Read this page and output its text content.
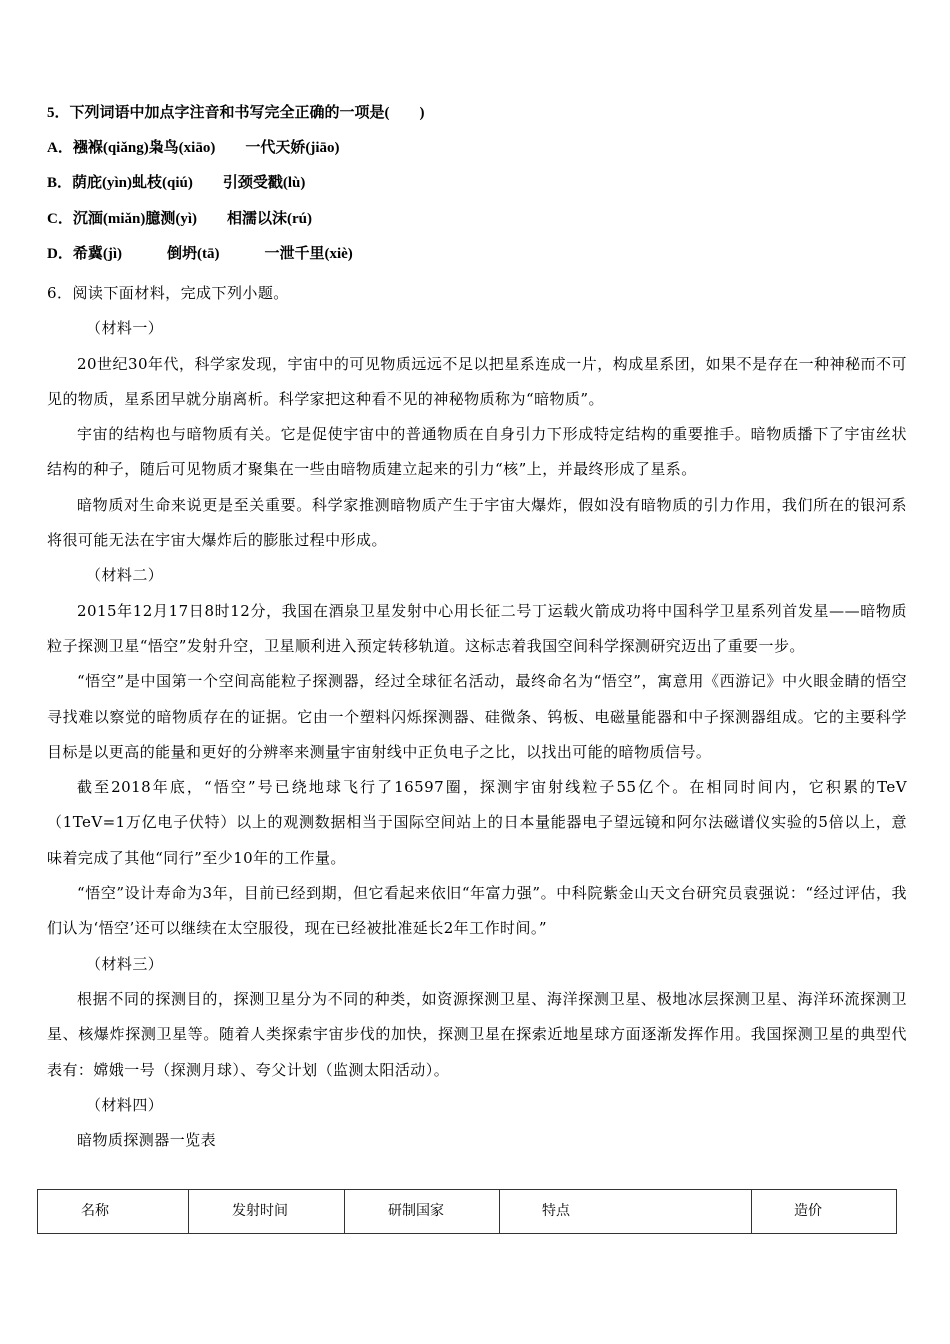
5．下列词语中加点字注音和书写完全正确的一项是(　　)
A．襁褓(qiǎng)枭鸟(xiāo)　　一代天娇(jiāo)
B．荫庇(yìn)虬枝(qiú)　　引颈受戳(lù)
C．沉湎(miǎn)臆测(yì)　　相濡以沫(rú)
D．希冀(jì)　　　倒坍(tā)　　　一泄千里(xiè)

6．阅读下面材料，完成下列小题。

（材料一）

20世纪30年代，科学家发现，宇宙中的可见物质远远不足以把星系连成一片，构成星系团，如果不是存在一种神秘而不可见的物质，星系团早就分崩离析。科学家把这种看不见的神秘物质称为“暗物质”。

宇宙的结构也与暗物质有关。它是促使宇宙中的普通物质在自身引力下形成特定结构的重要推手。暗物质播下了宇宙丝状结构的种子，随后可见物质才聚集在一些由暗物质建立起来的引力“核”上，并最终形成了星系。

暗物质对生命来说更是至关重要。科学家推测暗物质产生于宇宙大爆炸，假如没有暗物质的引力作用，我们所在的银河系将很可能无法在宇宙大爆炸后的膨胀过程中形成。

（材料二）

2015年12月17日8时12分，我国在酒泉卫星发射中心用长征二号丁运载火箭成功将中国科学卫星系列首发星——暗物质粒子探测卫星“悟空”发射升空，卫星顺利进入预定转移轨道。这标志着我国空间科学探测研究迈出了重要一步。

“悟空”是中国第一个空间高能粒子探测器，经过全球征名活动，最终命名为“悟空”，寓意用《西游记》中火眼金睛的悟空寻找难以察觉的暗物质存在的证据。它由一个塑料闪烁探测器、硅微条、钨板、电磁量能器和中子探测器组成。它的主要科学目标是以更高的能量和更好的分辨率来测量宇宙射线中正负电子之比，以找出可能的暗物质信号。

截至2018年底，“悟空”号已绕地球飞行了16597圈，探测宇宙射线粒子55亿个。在相同时间内，它积累的TeV（1TeV=1万亿电子伏特）以上的观测数据相当于国际空间站上的日本量能器电子望远镜和阿尔法磁谱仪实验的5倍以上，意味着完成了其他“同行”至少10年的工作量。

“悟空”设计寿命为3年，目前已经到期，但它看起来依旧“年富力强”。中科院紫金山天文台研究员袁强说：“经过评估，我们认为‘悟空’还可以继续在太空服役，现在已经被批准延长2年工作时间。”

（材料三）

根据不同的探测目的，探测卫星分为不同的种类，如资源探测卫星、海洋探测卫星、极地冰层探测卫星、海洋环流探测卫星、核爆炸探测卫星等。随着人类探索宇宙步伐的加快，探测卫星在探索近地星球方面逐渐发挥作用。我国探测卫星的典型代表有：嫦娥一号（探测月球）、夸父计划（监测太阳活动）。

（材料四）

暗物质探测器一览表

名称	发射时间	研制国家	特点	造价
